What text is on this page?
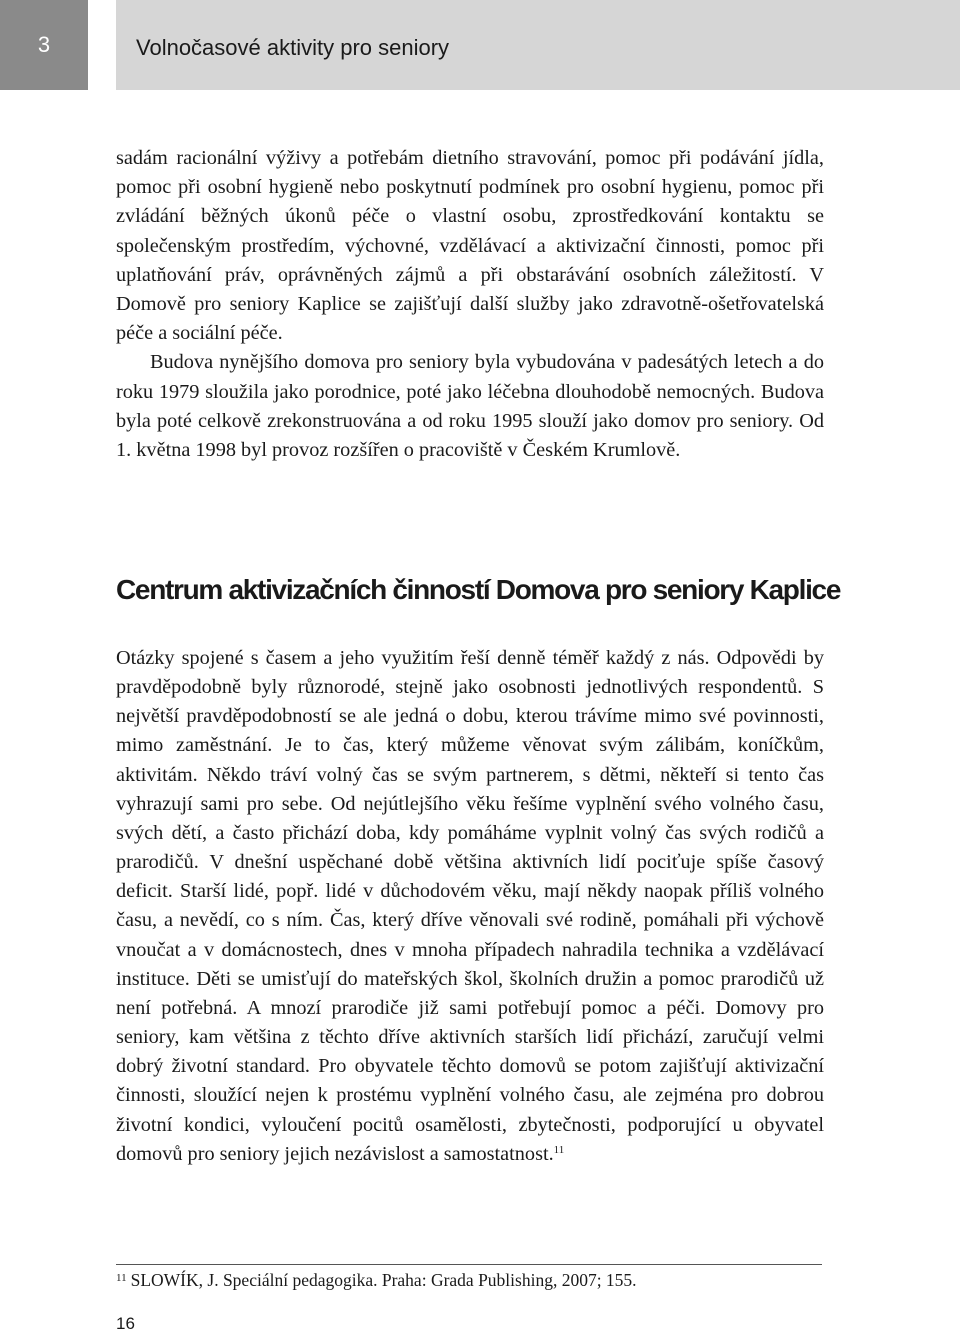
3	Volnočasové aktivity pro seniory

sadám racionální výživy a potřebám dietního stravování, pomoc při podávání jídla, pomoc při osobní hygieně nebo poskytnutí podmínek pro osobní hygienu, pomoc při zvládání běžných úkonů péče o vlastní osobu, zprostředkování kontaktu se společenským prostředím, výchovné, vzdělávací a aktivizační činnosti, pomoc při uplatňování práv, oprávněných zájmů a při obstarávání osobních záležitostí. V Domově pro seniory Kaplice se zajišťují další služby jako zdravotně-ošetřovatelská péče a sociální péče.

Budova nynějšího domova pro seniory byla vybudována v padesátých letech a do roku 1979 sloužila jako porodnice, poté jako léčebna dlouhodobě nemocných. Budova byla poté celkově zrekonstruována a od roku 1995 slouží jako domov pro seniory. Od 1. května 1998 byl provoz rozšířen o pracoviště v Českém Krumlově.

Centrum aktivizačních činností Domova pro seniory Kaplice

Otázky spojené s časem a jeho využitím řeší denně téměř každý z nás. Odpovědi by pravděpodobně byly různorodé, stejně jako osobnosti jednotlivých respondentů. S největší pravděpodobností se ale jedná o dobu, kterou trávíme mimo své povinnosti, mimo zaměstnání. Je to čas, který můžeme věnovat svým zálibám, koníčkům, aktivitám. Někdo tráví volný čas se svým partnerem, s dětmi, někteří si tento čas vyhrazují sami pro sebe. Od nejútlejšího věku řešíme vyplnění svého volného času, svých dětí, a často přichází doba, kdy pomáháme vyplnit volný čas svých rodičů a prarodičů. V dnešní uspěchané době většina aktivních lidí pociťuje spíše časový deficit. Starší lidé, popř. lidé v důchodovém věku, mají někdy naopak příliš volného času, a nevědí, co s ním. Čas, který dříve věnovali své rodině, pomáhali při výchově vnoučat a v domácnostech, dnes v mnoha případech nahradila technika a vzdělávací instituce. Děti se umisťují do mateřských škol, školních družin a pomoc prarodičů už není potřebná. A mnozí prarodiče již sami potřebují pomoc a péči. Domovy pro seniory, kam většina z těchto dříve aktivních starších lidí přichází, zaručují velmi dobrý životní standard. Pro obyvatele těchto domovů se potom zajišťují aktivizační činnosti, sloužící nejen k prostému vyplnění volného času, ale zejména pro dobrou životní kondici, vyloučení pocitů osamělosti, zbytečnosti, podporující u obyvatel domovů pro seniory jejich nezávislost a samostatnost.$^{11}$

$^{11}$ SLOWÍK, J. Speciální pedagogika. Praha: Grada Publishing, 2007; 155.
16
